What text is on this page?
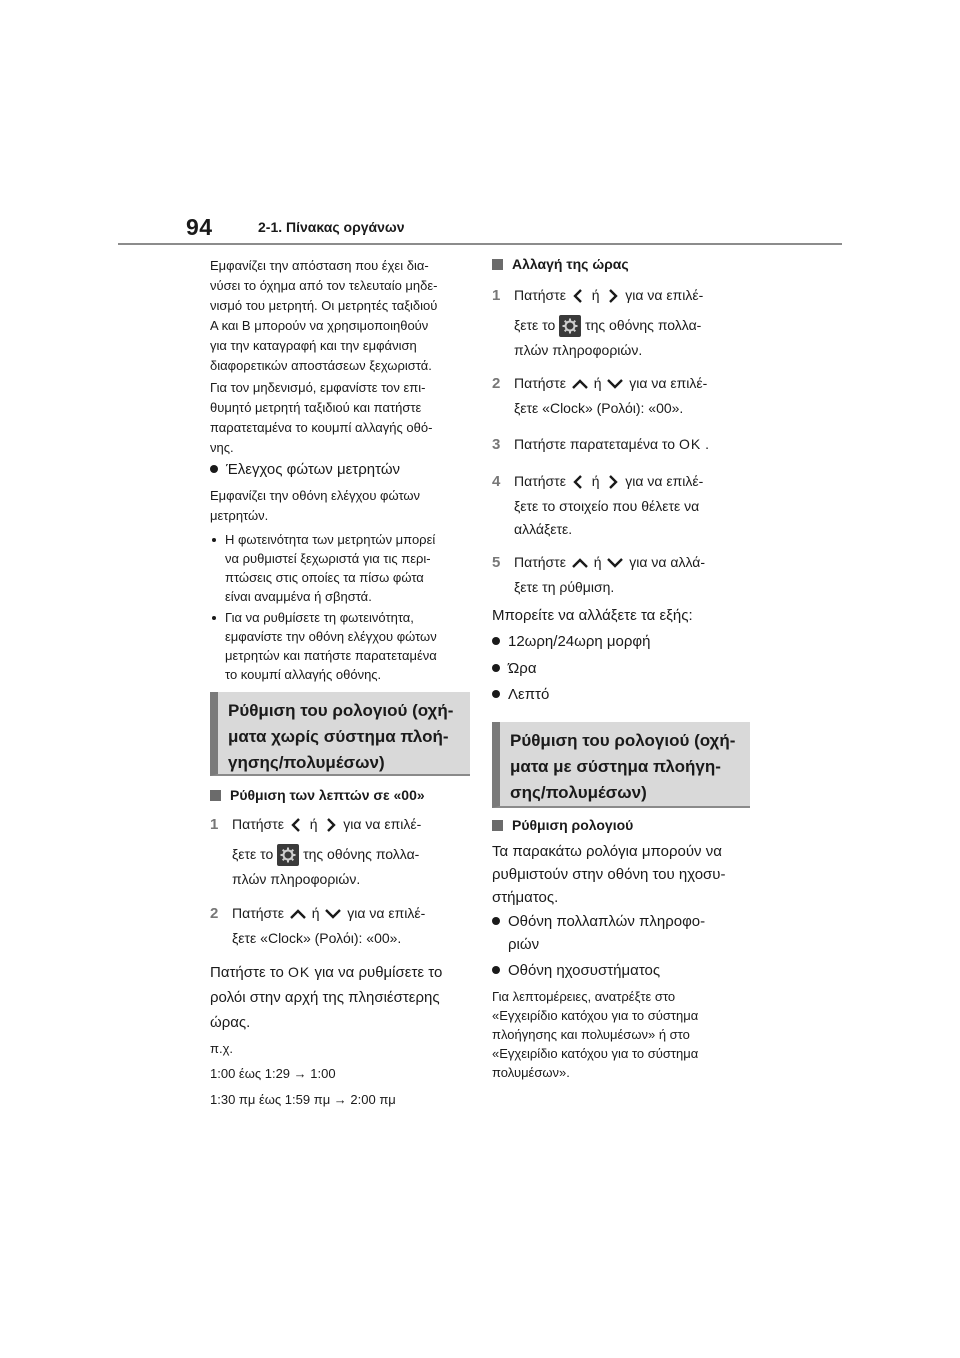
94	2-1. Πίνακας οργάνων
Εμφανίζει την απόσταση που έχει δια-
νύσει το όχημα από τον τελευταίο μηδε-
νισμό του μετρητή. Οι μετρητές ταξιδιού
A και B μπορούν να χρησιμοποιηθούν
για την καταγραφή και την εμφάνιση
διαφορετικών αποστάσεων ξεχωριστά.
Για τον μηδενισμό, εμφανίστε τον επι-
θυμητό μετρητή ταξιδιού και πατήστε
παρατεταμένα το κουμπί αλλαγής οθό-
νης.
Έλεγχος φώτων μετρητών
Εμφανίζει την οθόνη ελέγχου φώτων
μετρητών.
Η φωτεινότητα των μετρητών μπορεί
να ρυθμιστεί ξεχωριστά για τις περι-
πτώσεις στις οποίες τα πίσω φώτα
είναι αναμμένα ή σβηστά.
Για να ρυθμίσετε τη φωτεινότητα,
εμφανίστε την οθόνη ελέγχου φώτων
μετρητών και πατήστε παρατεταμένα
το κουμπί αλλαγής οθόνης.
Ρύθμιση του ρολογιού (οχή-
ματα χωρίς σύστημα πλοή-
γησης/πολυμέσων)
Ρύθμιση των λεπτών σε «00»
1 Πατήστε ή για να επιλέ-
ξετε το της οθόνης πολλα-
πλών πληροφοριών.
2 Πατήστε ή για να επιλέ-
ξετε «Clock» (Ρολόι): «00».
Πατήστε το OK για να ρυθμίσετε το
ρολόι στην αρχή της πλησιέστερης
ώρας.
π.χ.
1:00 έως 1:29 → 1:00
1:30 πμ έως 1:59 πμ → 2:00 πμ
Αλλαγή της ώρας
1 Πατήστε ή για να επιλέ-
ξετε το της οθόνης πολλα-
πλών πληροφοριών.
2 Πατήστε ή για να επιλέ-
ξετε «Clock» (Ρολόι): «00».
3 Πατήστε παρατεταμένα το OK .
4 Πατήστε ή για να επιλέ-
ξετε το στοιχείο που θέλετε να
αλλάξετε.
5 Πατήστε ή για να αλλά-
ξετε τη ρύθμιση.
Μπορείτε να αλλάξετε τα εξής:
12ωρη/24ωρη μορφή
Ώρα
Λεπτό
Ρύθμιση του ρολογιού (οχή-
ματα με σύστημα πλοήγη-
σης/πολυμέσων)
Ρύθμιση ρολογιού
Τα παρακάτω ρολόγια μπορούν να
ρυθμιστούν στην οθόνη του ηχοσυ-
στήματος.
Οθόνη πολλαπλών πληροφο-
ριών
Οθόνη ηχοσυστήματος
Για λεπτομέρειες, ανατρέξτε στο
«Εγχειρίδιο κατόχου για το σύστημα
πλοήγησης και πολυμέσων» ή στο
«Εγχειρίδιο κατόχου για το σύστημα
πολυμέσων».
